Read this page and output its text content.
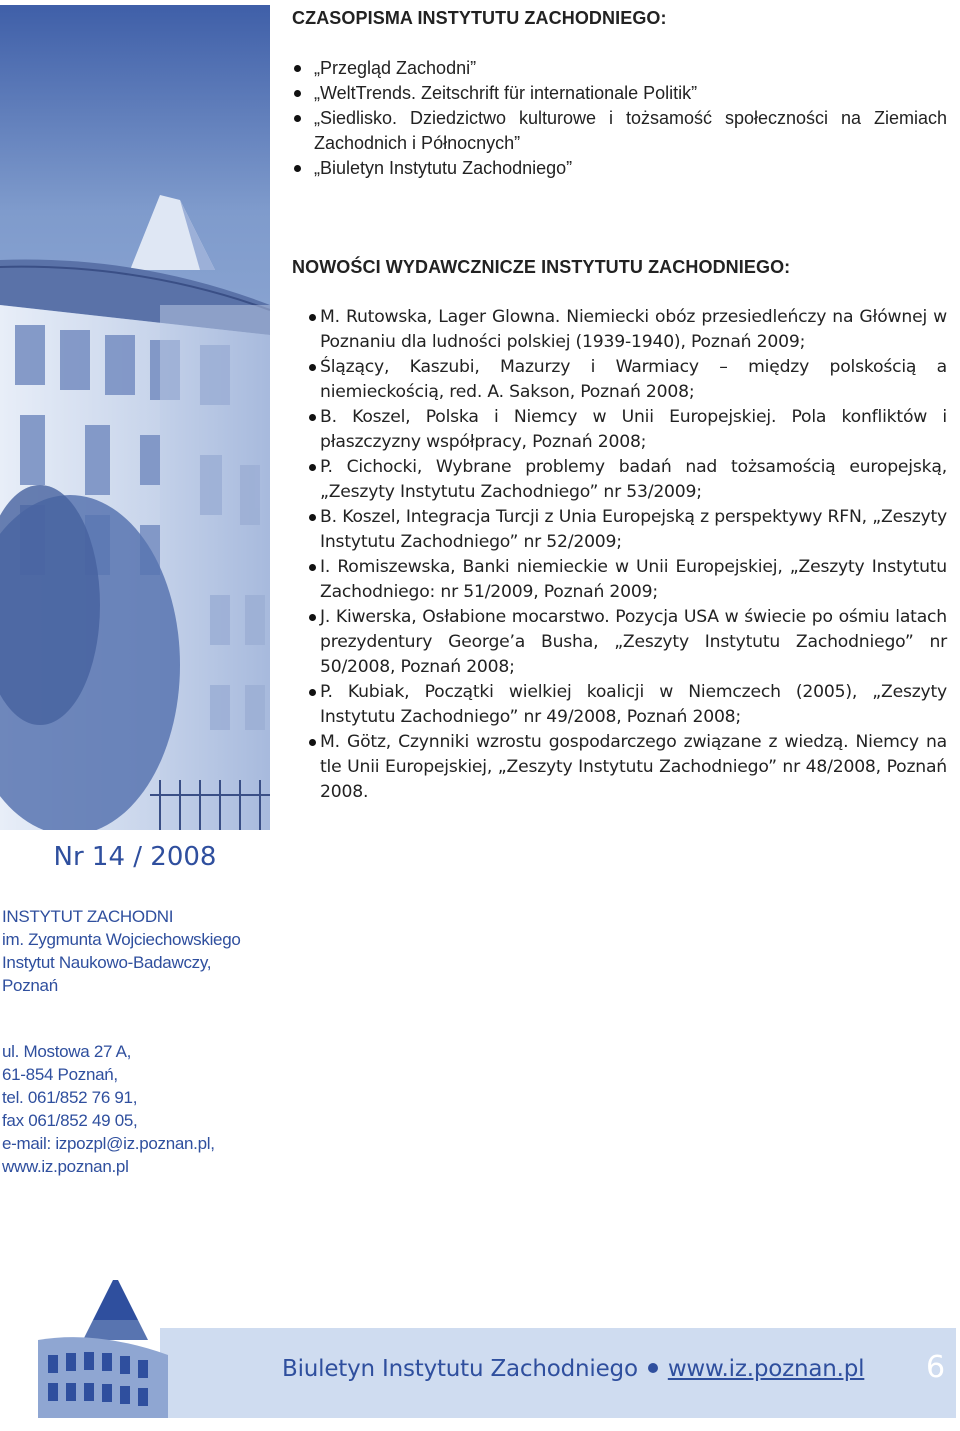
Nr 14 / 2008
INSTYTUT ZACHODNI
im. Zygmunta Wojciechowskiego
Instytut Naukowo-Badawczy,
Poznań
ul. Mostowa 27 A,
61-854 Poznań,
tel. 061/852 76 91,
fax 061/852 49 05,
e-mail: izpozpl@iz.poznan.pl,
www.iz.poznan.pl
CZASOPISMA INSTYTUTU ZACHODNIEGO:
„Przegląd Zachodni”
„WeltTrends. Zeitschrift für internationale Politik”
„Siedlisko. Dziedzictwo kulturowe i tożsamość społeczności na Ziemiach Zachodnich i Północnych”
„Biuletyn Instytutu Zachodniego”
NOWOŚCI WYDAWCZNICZE INSTYTUTU ZACHODNIEGO:
M. Rutowska, Lager Glowna. Niemiecki obóz przesiedleńczy na Głównej w Poznaniu dla ludności polskiej (1939-1940), Poznań 2009;
Śląząc‍y, Kaszubi, Mazurzy i Warmiacy – między polskością a niemieckością, red. A. Sakson, Poznań 2008;
B. Koszel, Polska i Niemcy w Unii Europejskiej. Pola konfliktów i płaszczyzny współpracy, Poznań 2008;
P. Cichocki, Wybrane problemy badań nad tożsamością europejską, „Zeszyty Instytutu Zachodniego” nr 53/2009;
B. Koszel, Integracja Turcji z Unia Europejską z perspektywy RFN, „Zeszyty Instytutu Zachodniego” nr 52/2009;
I. Romiszewska, Banki niemieckie w Unii Europejskiej, „Zeszyty Instytutu Zachodniego: nr 51/2009, Poznań 2009;
J. Kiwerska, Osłabione mocarstwo. Pozycja USA w świecie po ośmiu latach prezydentury George’a Busha, „Zeszyty Instytutu Zachodniego” nr 50/2008, Poznań 2008;
P. Kubiak, Początki wielkiej koalicji w Niemczech (2005), „Zeszyty Instytutu Zachodniego” nr 49/2008, Poznań 2008;
M. Götz, Czynniki wzrostu gospodarczego związane z wiedzą. Niemcy na tle Unii Europejskiej, „Zeszyty Instytutu Zachodniego” nr 48/2008, Poznań 2008.
Biuletyn Instytutu Zachodniego www.iz.poznan.pl 6
